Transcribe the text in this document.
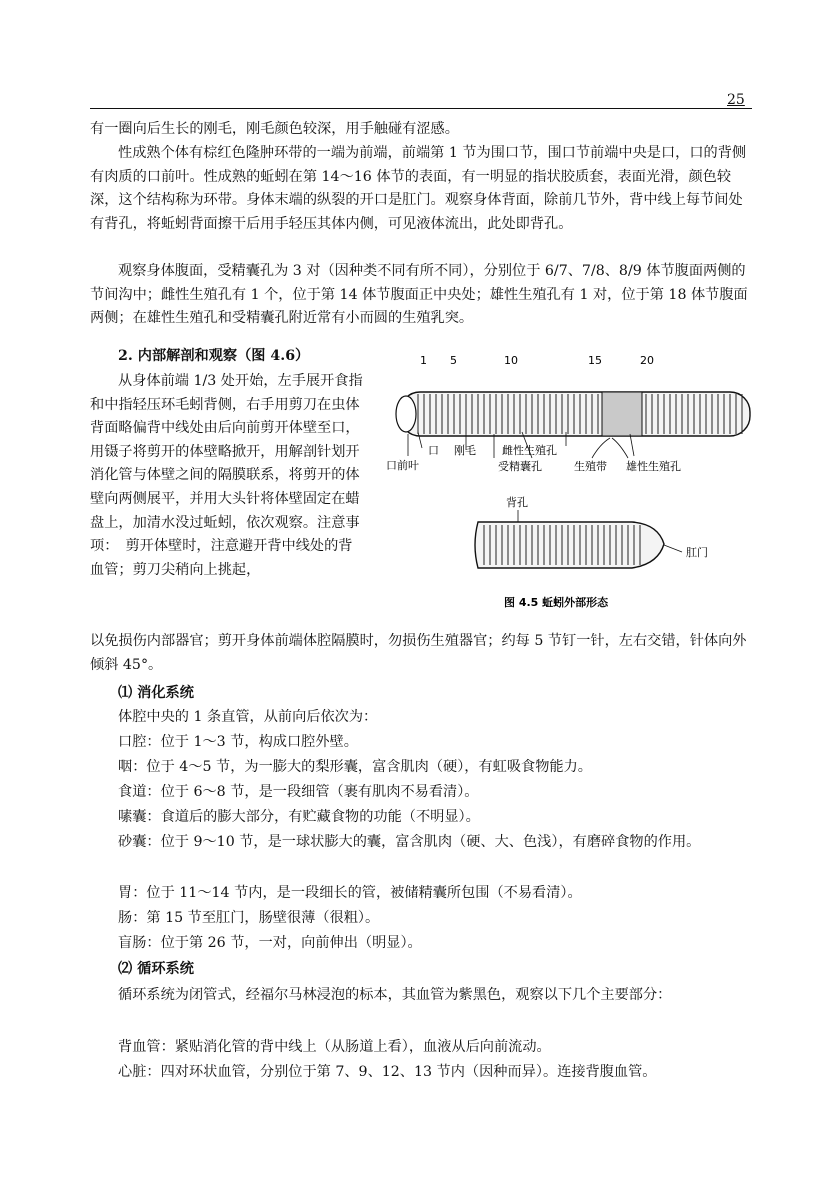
25

有一圈向后生长的刚毛，刚毛颜色较深，用手触碰有涩感。

性成熟个体有棕红色隆肿环带的一端为前端，前端第 1 节为围口节，围口节前端中央是口，口的背侧有肉质的口前叶。性成熟的蚯蚓在第 14～16 体节的表面，有一明显的指状胶质套，表面光滑，颜色较深，这个结构称为环带。身体末端的纵裂的开口是肛门。观察身体背面，除前几节外，背中线上每节间处有背孔，将蚯蚓背面擦干后用手轻压其体内侧，可见液体流出，此处即背孔。

观察身体腹面，受精囊孔为 3 对（因种类不同有所不同），分别位于 6/7、7/8、8/9 体节腹面两侧的节间沟中；雌性生殖孔有 1 个，位于第 14 体节腹面正中央处；雄性生殖孔有 1 对，位于第 18 体节腹面两侧；在雄性生殖孔和受精囊孔附近常有小而圆的生殖乳突。

2. 内部解剖和观察（图 4.6）

从身体前端 1/3 处开始，左手展开食指和中指轻压环毛蚓背侧，右手用剪刀在虫体背面略偏背中线处由后向前剪开体壁至口，用镊子将剪开的体壁略掀开，用解剖针划开消化管与体壁之间的隔膜联系，将剪开的体壁向两侧展平，并用大头针将体壁固定在蜡盘上，加清水没过蚯蚓，依次观察。注意事项：　剪开体壁时，注意避开背中线处的背血管；剪刀尖稍向上挑起，

1 5	10	15	20
口
口前叶
刚毛 雌性生殖孔
受精囊孔	生殖带 雄性生殖孔
背孔
肛门
图 4.5 蚯蚓外部形态

以免损伤内部器官；剪开身体前端体腔隔膜时，勿损伤生殖器官；约每 5 节钉一针，左右交错，针体向外倾斜 45°。

⑴ 消化系统

体腔中央的 1 条直管，从前向后依次为：

口腔：位于 1～3 节，构成口腔外壁。

咽：位于 4～5 节，为一膨大的梨形囊，富含肌肉（硬），有虹吸食物能力。

食道：位于 6～8 节，是一段细管（裹有肌肉不易看清）。

嗉囊：食道后的膨大部分，有贮藏食物的功能（不明显）。

砂囊：位于 9～10 节，是一球状膨大的囊，富含肌肉（硬、大、色浅），有磨碎食物的作用。

胃：位于 11～14 节内，是一段细长的管，被储精囊所包围（不易看清）。

肠：第 15 节至肛门，肠壁很薄（很粗）。

盲肠：位于第 26 节，一对，向前伸出（明显）。

⑵ 循环系统

循环系统为闭管式，经福尔马林浸泡的标本，其血管为紫黑色，观察以下几个主要部分：

背血管：紧贴消化管的背中线上（从肠道上看），血液从后向前流动。

心脏：四对环状血管，分别位于第 7、9、12、13 节内（因种而异）。连接背腹血管。
